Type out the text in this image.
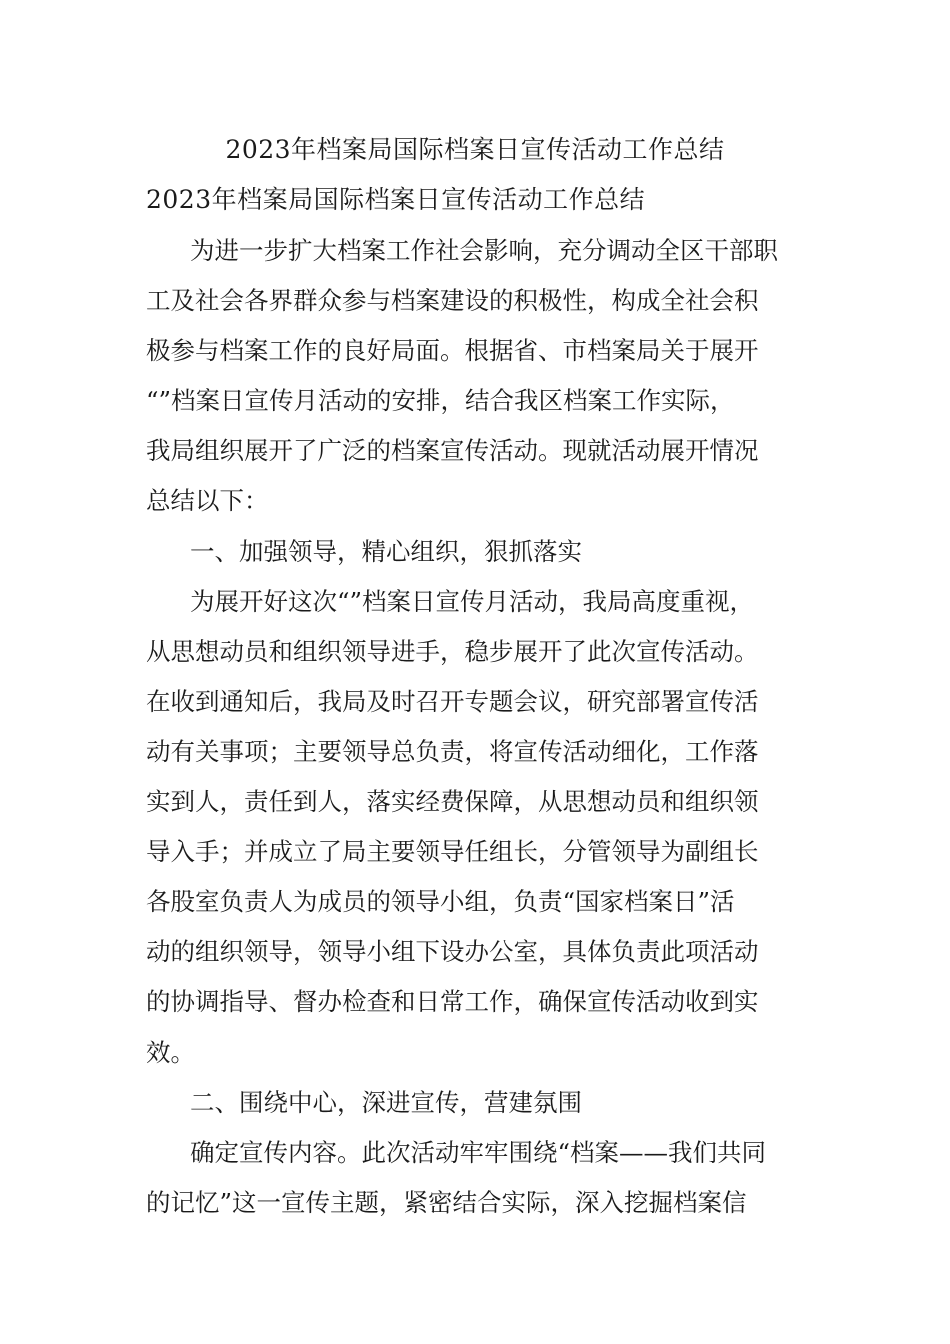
2023年档案局国际档案日宣传活动工作总结
2023年档案局国际档案日宣传活动工作总结
为进一步扩大档案工作社会影响，充分调动全区干部职
工及社会各界群众参与档案建设的积极性，构成全社会积
极参与档案工作的良好局面。根据省、市档案局关于展开
“”档案日宣传月活动的安排，结合我区档案工作实际，
我局组织展开了广泛的档案宣传活动。现就活动展开情况
总结以下：
一、加强领导，精心组织，狠抓落实
为展开好这次“”档案日宣传月活动，我局高度重视，
从思想动员和组织领导进手，稳步展开了此次宣传活动。
在收到通知后，我局及时召开专题会议，研究部署宣传活
动有关事项；主要领导总负责，将宣传活动细化，工作落
实到人，责任到人，落实经费保障，从思想动员和组织领
导入手；并成立了局主要领导任组长，分管领导为副组长
各股室负责人为成员的领导小组，负责“国家档案日”活
动的组织领导，领导小组下设办公室，具体负责此项活动
的协调指导、督办检查和日常工作，确保宣传活动收到实
效。
二、围绕中心，深进宣传，营建氛围
确定宣传内容。此次活动牢牢围绕“档案——我们共同
的记忆”这一宣传主题，紧密结合实际，深入挖掘档案信
